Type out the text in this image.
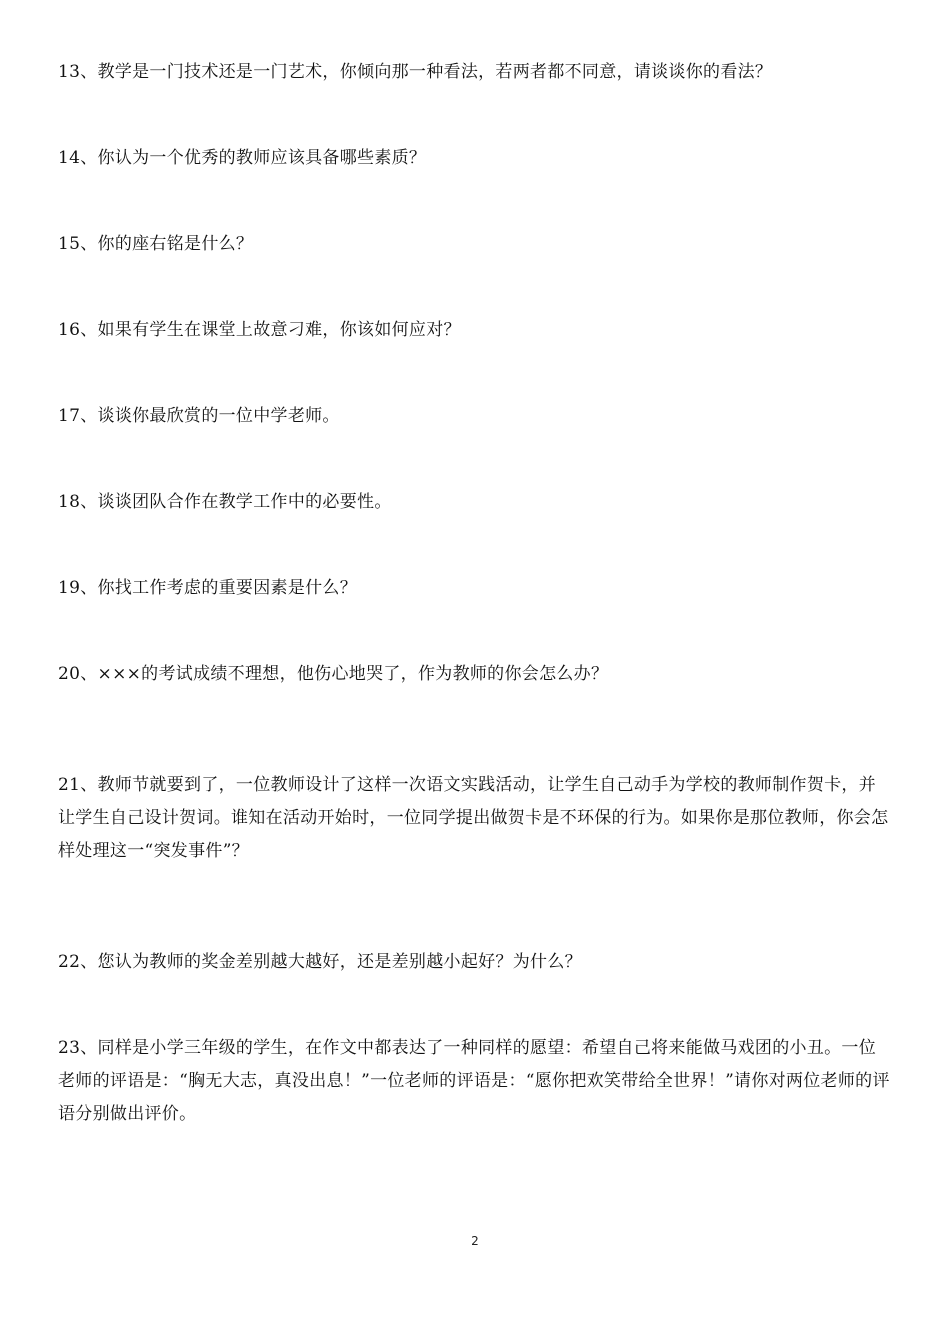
13、教学是一门技术还是一门艺术，你倾向那一种看法，若两者都不同意，请谈谈你的看法？

14、你认为一个优秀的教师应该具备哪些素质？

15、你的座右铭是什么？

16、如果有学生在课堂上故意刁难，你该如何应对？

17、谈谈你最欣赏的一位中学老师。

18、谈谈团队合作在教学工作中的必要性。

19、你找工作考虑的重要因素是什么？

20、×××的考试成绩不理想，他伤心地哭了，作为教师的你会怎么办？

21、教师节就要到了，一位教师设计了这样一次语文实践活动，让学生自己动手为学校的教师制作贺卡，并让学生自己设计贺词。谁知在活动开始时，一位同学提出做贺卡是不环保的行为。如果你是那位教师，你会怎样处理这一“突发事件”？

22、您认为教师的奖金差别越大越好，还是差别越小起好？为什么？

23、同样是小学三年级的学生，在作文中都表达了一种同样的愿望：希望自己将来能做马戏团的小丑。一位老师的评语是：“胸无大志，真没出息！”一位老师的评语是：“愿你把欢笑带给全世界！”请你对两位老师的评语分别做出评价。

2
